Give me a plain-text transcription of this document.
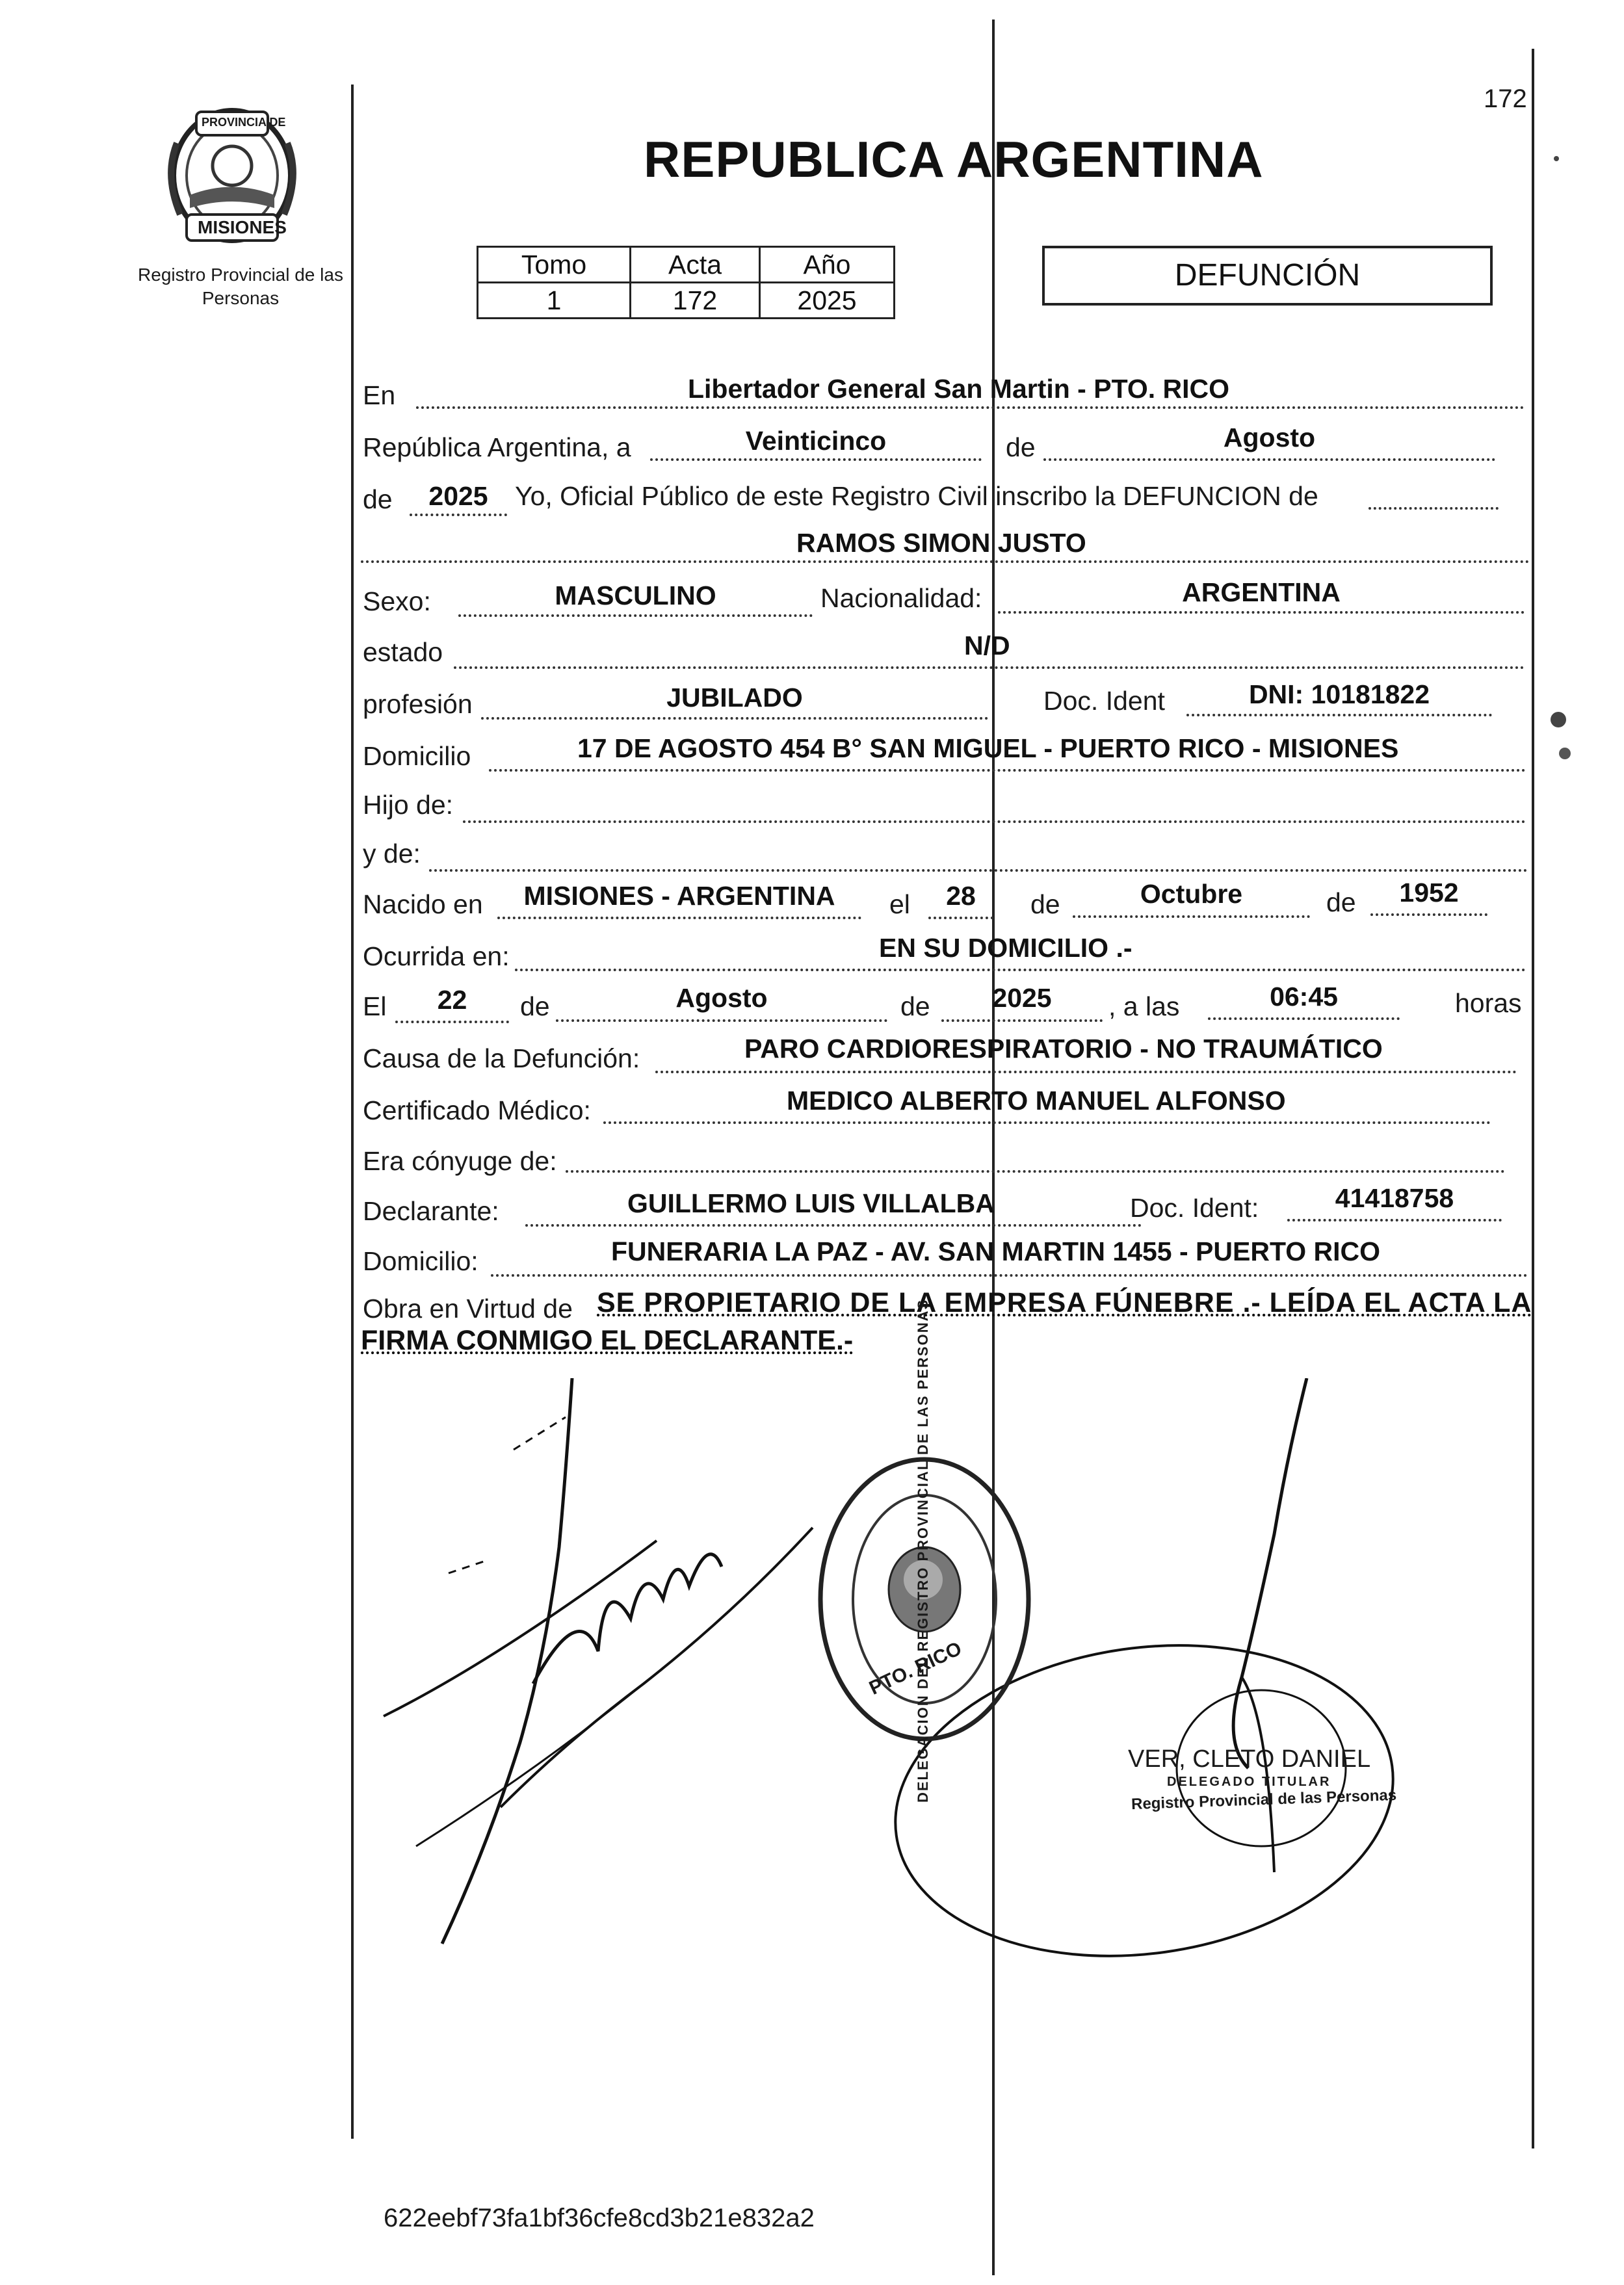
172
PROVINCIA DE
MISIONES
Registro Provincial de las Personas
REPUBLICA ARGENTINA
Tomo	Acta	Año
1	172	2025
DEFUNCIÓN
En	Libertador General San Martin - PTO. RICO
República Argentina, a	Veinticinco	de	Agosto
de	2025	Yo, Oficial Público de este Registro Civil inscribo la DEFUNCION de
RAMOS SIMON JUSTO
Sexo:	MASCULINO	Nacionalidad:	ARGENTINA
estado	N/D
profesión	JUBILADO	Doc. Ident	DNI: 10181822
Domicilio	17 DE AGOSTO 454 B° SAN MIGUEL - PUERTO RICO - MISIONES
Hijo de:
y de:
Nacido en	MISIONES - ARGENTINA	el	28	de	Octubre	de	1952
Ocurrida en:	EN SU DOMICILIO .-
El	22	de	Agosto	de	2025	, a las	06:45	horas
Causa de la Defunción:	PARO CARDIORESPIRATORIO - NO TRAUMÁTICO
Certificado Médico:	MEDICO ALBERTO MANUEL ALFONSO
Era cónyuge de:
Declarante:	GUILLERMO LUIS VILLALBA	Doc. Ident:	41418758
Domicilio:	FUNERARIA LA PAZ - AV. SAN MARTIN 1455 - PUERTO RICO
Obra en Virtud de SE PROPIETARIO DE LA EMPRESA FÚNEBRE .- LEÍDA EL ACTA LA
FIRMA CONMIGO EL DECLARANTE.-	DELEGACION DEL REGISTRO PROVINCIAL DE LAS PERSONAS
PTO. RICO
VER, CLETO DANIEL
DELEGADO TITULAR
Registro Provincial de las Personas
622eebf73fa1bf36cfe8cd3b21e832a2
